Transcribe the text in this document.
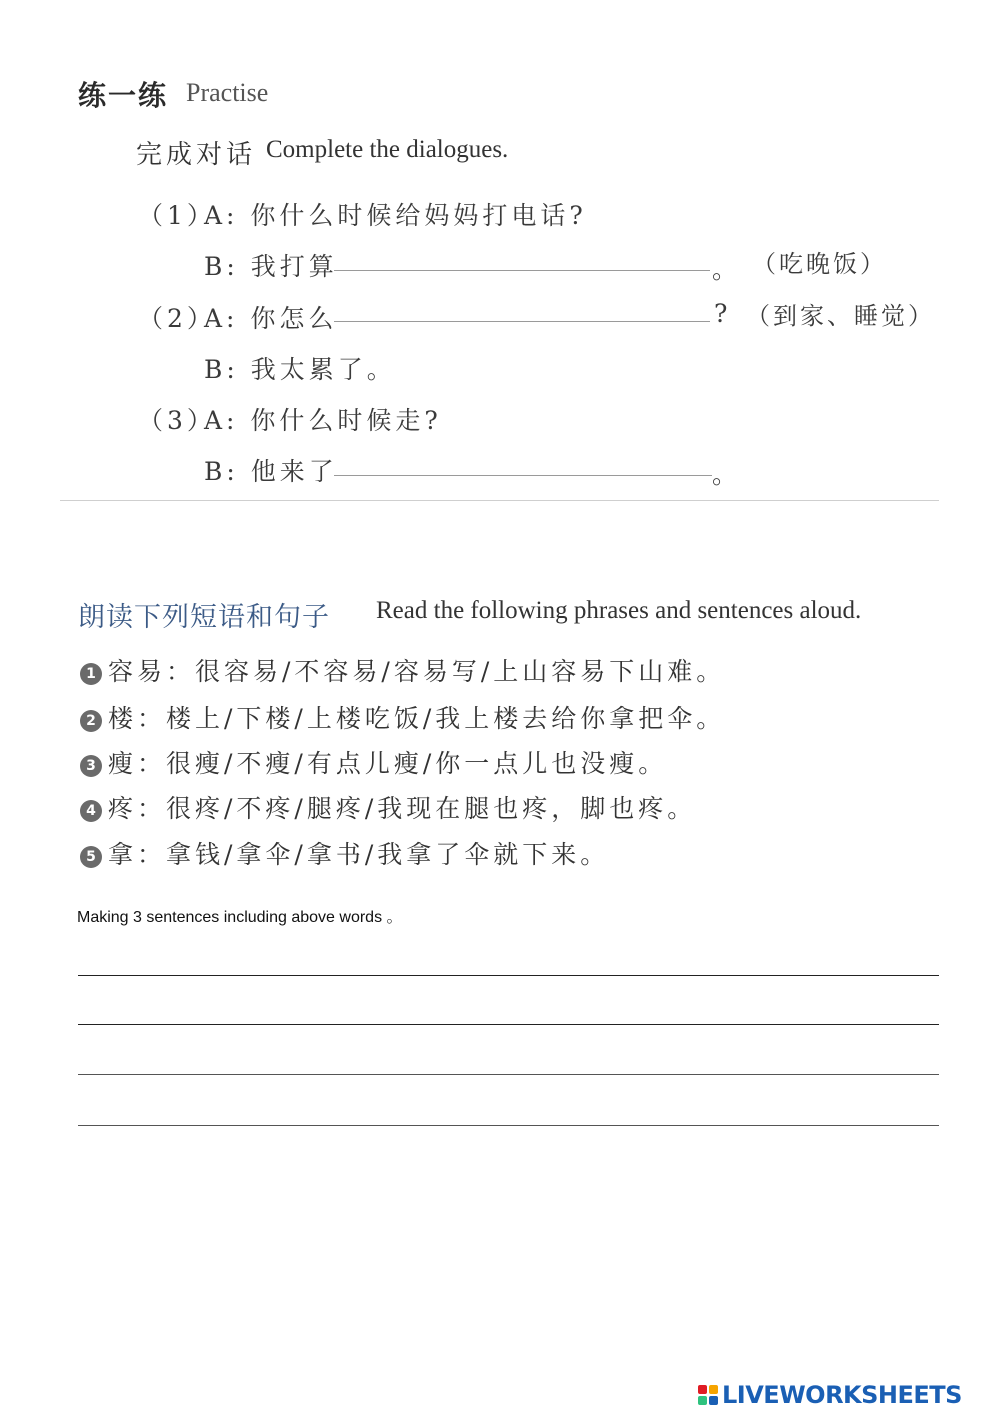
练一练 Practise
完成对话 Complete the dialogues.
（1）
A: 你什么时候给妈妈打电话?
B: 我打算	。 （吃晚饭）
（2）
A: 你怎么	? （到家、睡觉）
B: 我太累了。
（3）
A: 你什么时候走?
B: 他来了	。
朗读下列短语和句子 Read the following phrases and sentences aloud.
1 容易：很容易/不容易/容易写/上山容易下山难。
2 楼：楼上/下楼/上楼吃饭/我上楼去给你拿把伞。
3 瘦：很瘦/不瘦/有点儿瘦/你一点儿也没瘦。
4 疼：很疼/不疼/腿疼/我现在腿也疼，脚也疼。
5 拿：拿钱/拿伞/拿书/我拿了伞就下来。
Making 3 sentences including above words 。
LIVEWORKSHEETS
